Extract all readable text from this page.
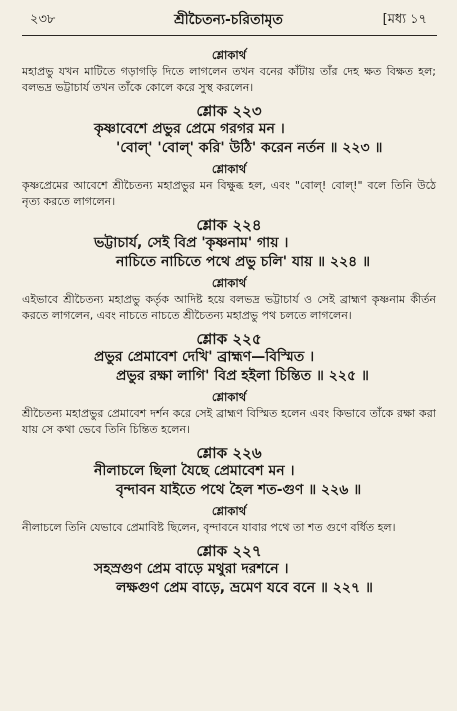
২৩৮	শ্রীচৈতন্য-চরিতামৃত	[মধ্য ১৭
শ্লোকার্থ
মহাপ্রভু যখন মাটিতে গড়াগড়ি দিতে লাগলেন তখন বনের কাঁটায় তাঁর দেহ ক্ষত বিক্ষত হল; বলভদ্র ভট্টাচার্য তখন তাঁকে কোলে করে সুস্থ করলেন।
শ্লোক ২২৩
কৃষ্ণাবেশে প্রভুর প্রেমে গরগর মন ।
'বোল্' 'বোল্' করি' উঠি' করেন নর্তন ॥ ২২৩ ॥
শ্লোকার্থ
কৃষ্ণপ্রেমের আবেশে শ্রীচৈতন্য মহাপ্রভুর মন বিক্ষুব্ধ হল, এবং "বোল্! বোল্!" বলে তিনি উঠে নৃত্য করতে লাগলেন।
শ্লোক ২২৪
ভট্টাচার্য, সেই বিপ্র 'কৃষ্ণনাম' গায় ।
নাচিতে নাচিতে পথে প্রভু চলি' যায় ॥ ২২৪ ॥
শ্লোকার্থ
এইভাবে শ্রীচৈতন্য মহাপ্রভু কর্তৃক আদিষ্ট হয়ে বলভদ্র ভট্টাচার্য ও সেই ব্রাহ্মণ কৃষ্ণনাম কীর্তন করতে লাগলেন, এবং নাচতে নাচতে শ্রীচৈতন্য মহাপ্রভু পথ চলতে লাগলেন।
শ্লোক ২২৫
প্রভুর প্রেমাবেশ দেখি' ব্রাহ্মণ—বিস্মিত ।
প্রভুর রক্ষা লাগি' বিপ্র হইলা চিন্তিত ॥ ২২৫ ॥
শ্লোকার্থ
শ্রীচৈতন্য মহাপ্রভুর প্রেমাবেশ দর্শন করে সেই ব্রাহ্মণ বিস্মিত হলেন এবং কিভাবে তাঁকে রক্ষা করা যায় সে কথা ভেবে তিনি চিন্তিত হলেন।
শ্লোক ২২৬
নীলাচলে ছিলা যৈছে প্রেমাবেশ মন ।
বৃন্দাবন যাইতে পথে হৈল শত-গুণ ॥ ২২৬ ॥
শ্লোকার্থ
নীলাচলে তিনি যেভাবে প্রেমাবিষ্ট ছিলেন, বৃন্দাবনে যাবার পথে তা শত গুণে বর্ধিত হল।
শ্লোক ২২৭
সহস্রগুণ প্রেম বাড়ে মথুরা দরশনে ।
লক্ষগুণ প্রেম বাড়ে, ভ্রমেণ যবে বনে ॥ ২২৭ ॥
